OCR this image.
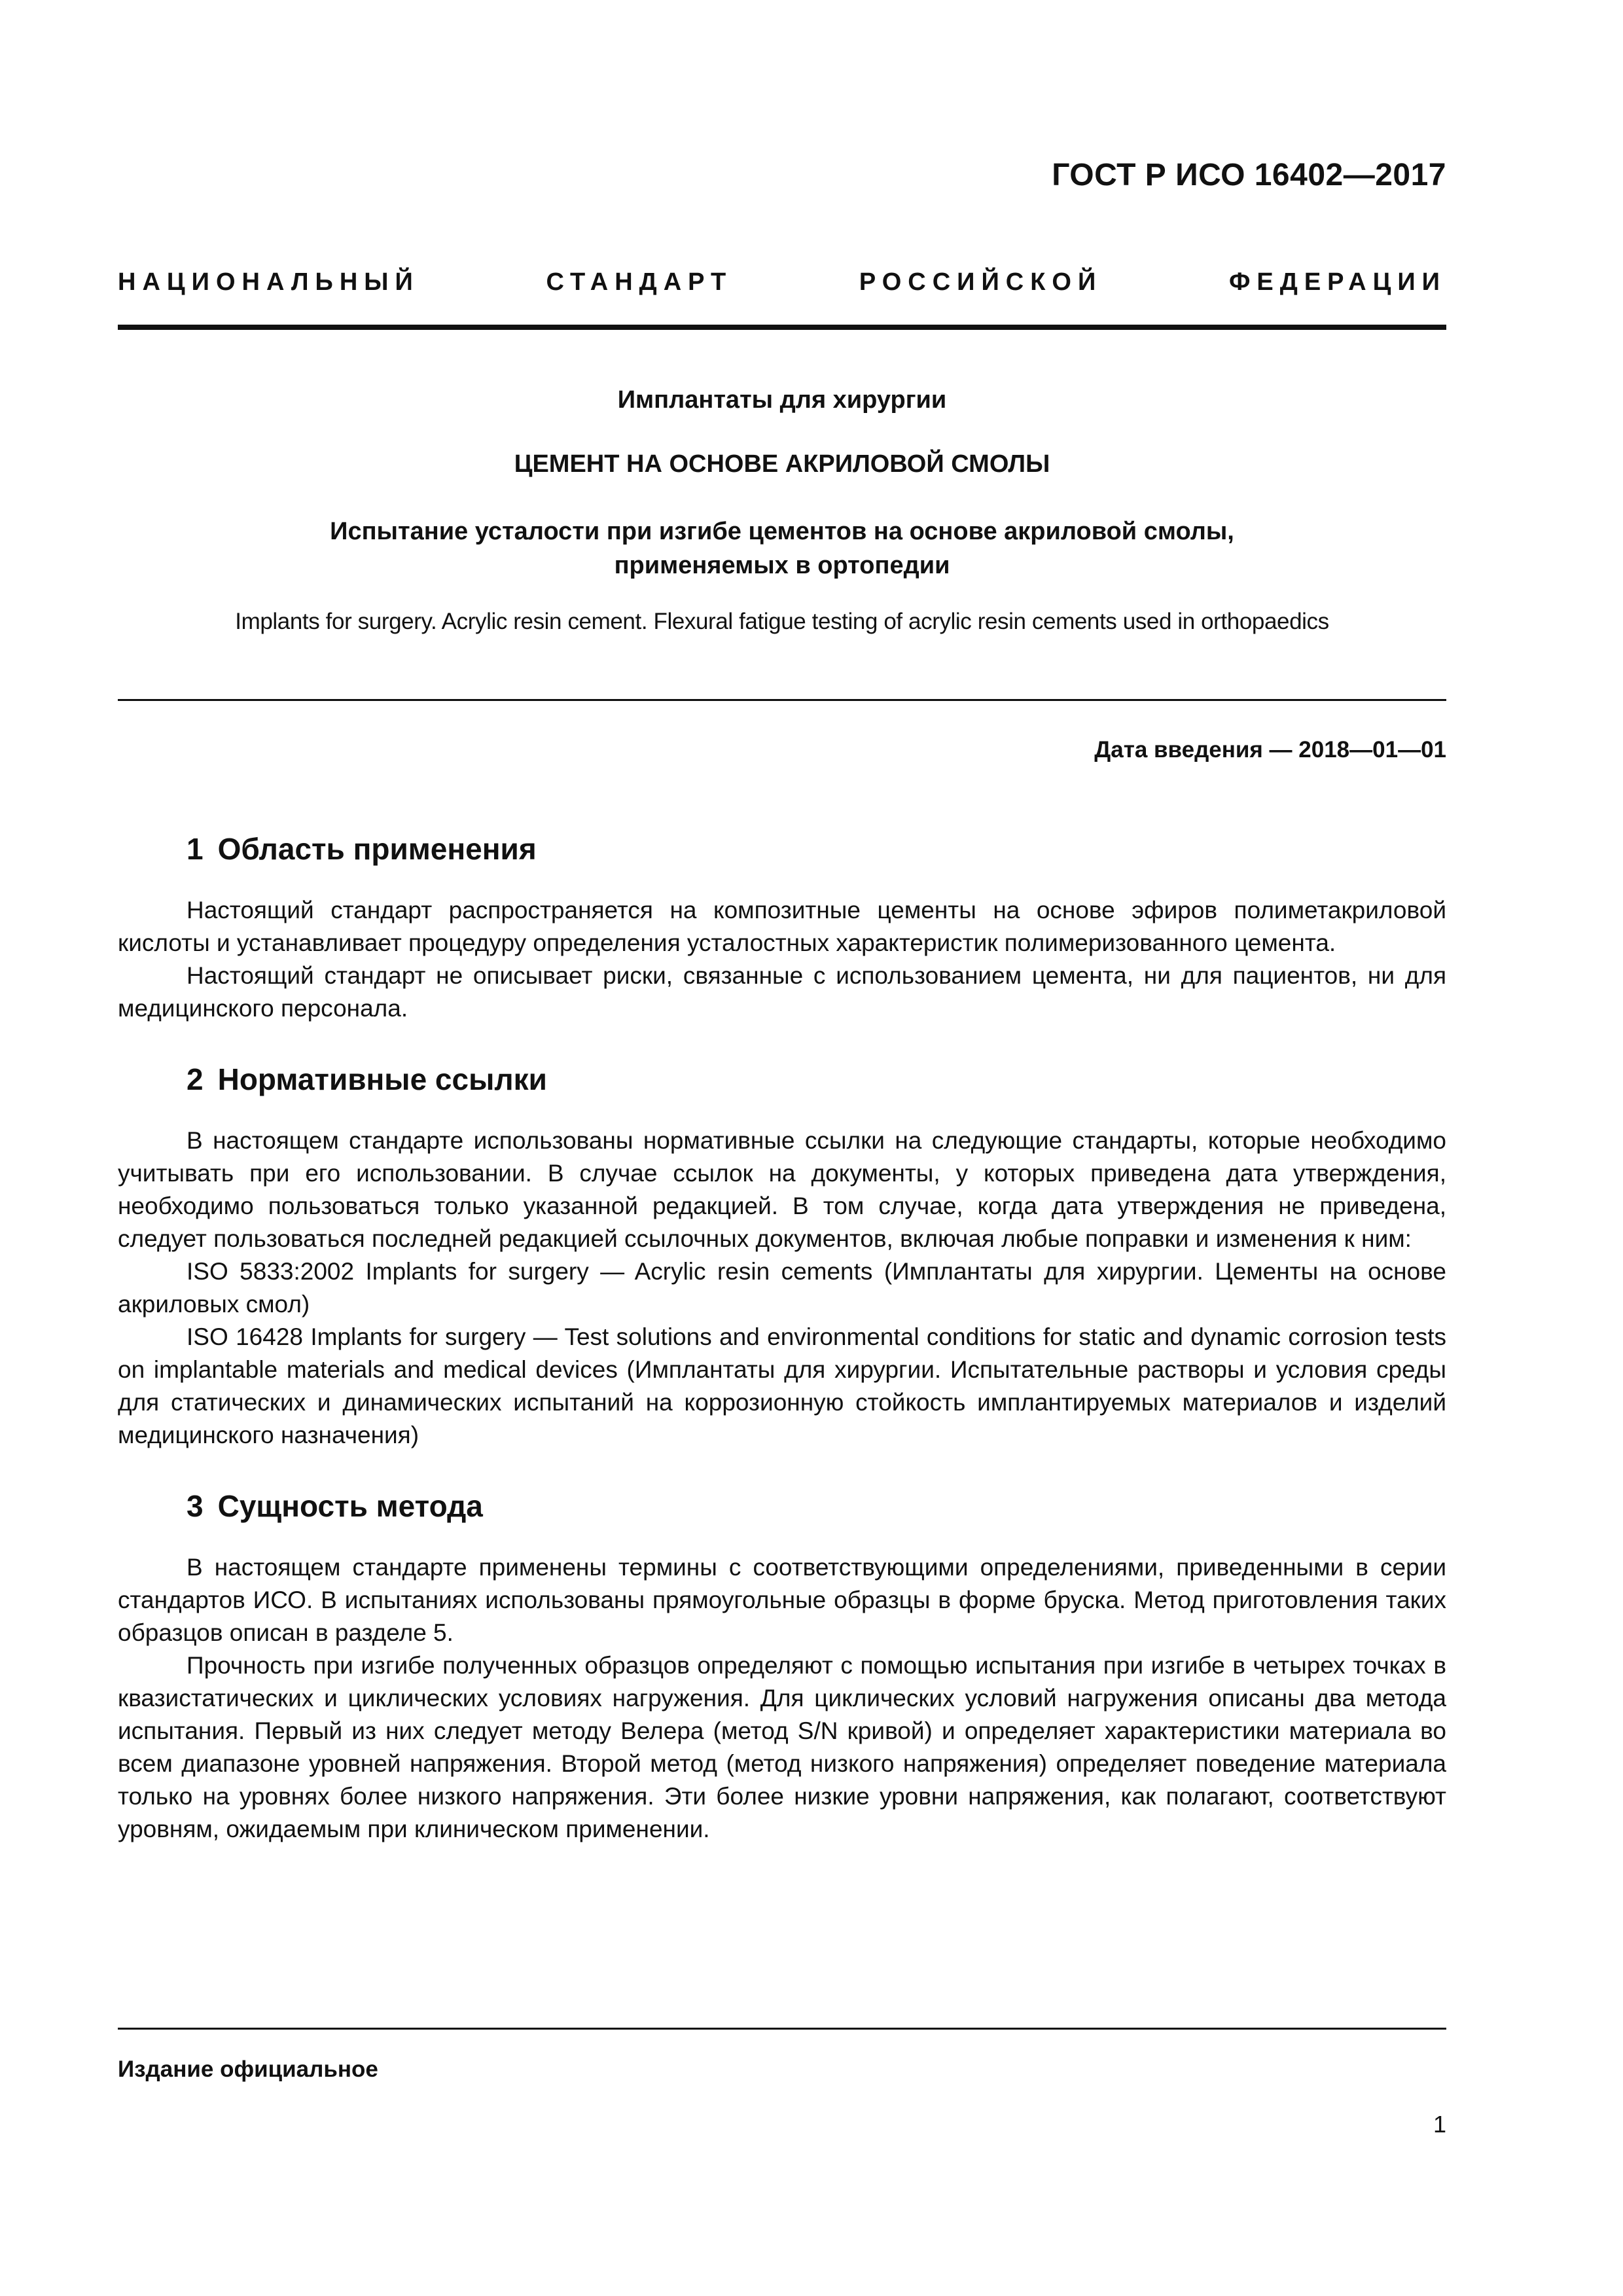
ГОСТ Р ИСО 16402—2017
НАЦИОНАЛЬНЫЙ СТАНДАРТ РОССИЙСКОЙ ФЕДЕРАЦИИ

Имплантаты для хирургии

ЦЕМЕНТ НА ОСНОВЕ АКРИЛОВОЙ СМОЛЫ

Испытание усталости при изгибе цементов на основе акриловой смолы,
применяемых в ортопедии

Implants for surgery. Acrylic resin cement. Flexural fatigue testing of acrylic resin cements used in orthopaedics

Дата введения — 2018—01—01
1 Область применения

Настоящий стандарт распространяется на композитные цементы на основе эфиров полиметакриловой кислоты и устанавливает процедуру определения усталостных характеристик полимеризованного цемента.

Настоящий стандарт не описывает риски, связанные с использованием цемента, ни для пациентов, ни для медицинского персонала.

2 Нормативные ссылки

В настоящем стандарте использованы нормативные ссылки на следующие стандарты, которые необходимо учитывать при его использовании. В случае ссылок на документы, у которых приведена дата утверждения, необходимо пользоваться только указанной редакцией. В том случае, когда дата утверждения не приведена, следует пользоваться последней редакцией ссылочных документов, включая любые поправки и изменения к ним:

ISO 5833:2002 Implants for surgery — Acrylic resin cements (Имплантаты для хирургии. Цементы на основе акриловых смол)

ISO 16428 Implants for surgery — Test solutions and environmental conditions for static and dynamic corrosion tests on implantable materials and medical devices (Имплантаты для хирургии. Испытательные растворы и условия среды для статических и динамических испытаний на коррозионную стойкость имплантируемых материалов и изделий медицинского назначения)

3 Сущность метода

В настоящем стандарте применены термины с соответствующими определениями, приведенными в серии стандартов ИСО. В испытаниях использованы прямоугольные образцы в форме бруска. Метод приготовления таких образцов описан в разделе 5.

Прочность при изгибе полученных образцов определяют с помощью испытания при изгибе в четырех точках в квазистатических и циклических условиях нагружения. Для циклических условий нагружения описаны два метода испытания. Первый из них следует методу Велера (метод S/N кривой) и определяет характеристики материала во всем диапазоне уровней напряжения. Второй метод (метод низкого напряжения) определяет поведение материала только на уровнях более низкого напряжения. Эти более низкие уровни напряжения, как полагают, соответствуют уровням, ожидаемым при клиническом применении.

Издание официальное
1
